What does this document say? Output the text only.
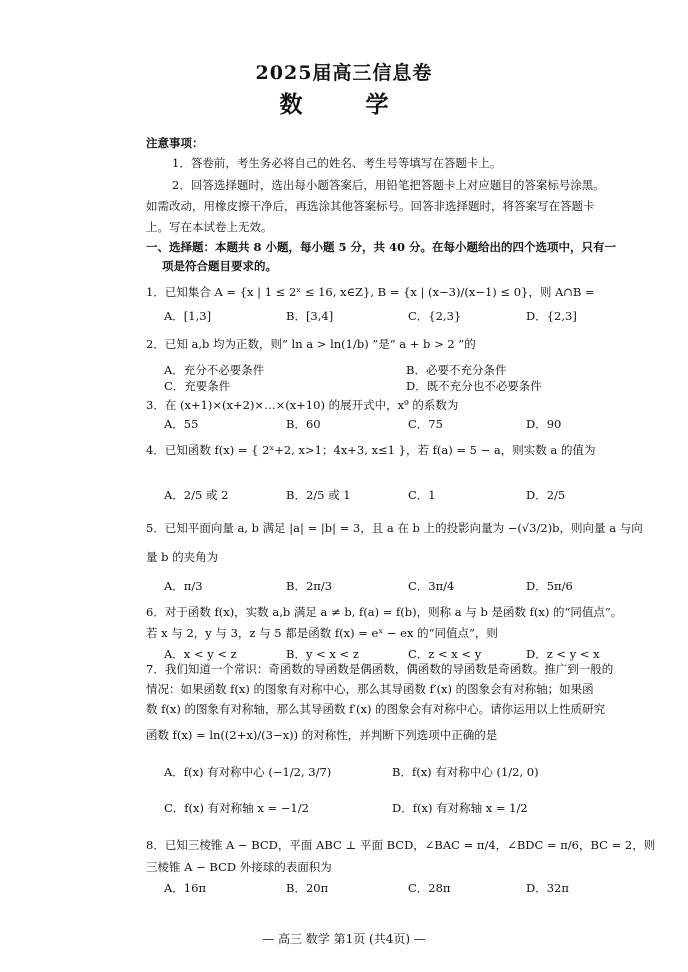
2025届高三信息卷
数　学
注意事项：
1．答卷前，考生务必将自己的姓名、考生号等填写在答题卡上。
2．回答选择题时，选出每小题答案后，用铅笔把答题卡上对应题目的答案标号涂黑。
如需改动，用橡皮擦干净后，再选涂其他答案标号。回答非选择题时，将答案写在答题卡
上。写在本试卷上无效。
一、选择题：本题共 8 小题，每小题 5 分，共 40 分。在每小题给出的四个选项中，只有一
项是符合题目要求的。
1．已知集合 A = {x | 1 ≤ 2ˣ ≤ 16, x∈Z}, B = {x | (x−3)/(x−1) ≤ 0}，则 A∩B =
A．[1,3]	B．[3,4]	C．{2,3}	D．{2,3]
2．已知 a,b 均为正数，则“ ln a > ln(1/b) ”是“ a + b > 2 ”的
A．充分不必要条件	B．必要不充分条件
C．充要条件	D．既不充分也不必要条件
3．在 (x+1)×(x+2)×…×(x+10) 的展开式中，x⁹ 的系数为
A．55	B．60	C．75	D．90
4．已知函数 f(x) = { 2ˣ+2, x>1；4x+3, x≤1 }，若 f(a) = 5 − a，则实数 a 的值为
A．2/5 或 2	B．2/5 或 1	C．1	D．2/5
5．已知平面向量 a, b 满足 |a| = |b| = 3，且 a 在 b 上的投影向量为 −(√3/2)b，则向量 a 与向
量 b 的夹角为
A．π/3	B．2π/3	C．3π/4	D．5π/6
6．对于函数 f(x)，实数 a,b 满足 a ≠ b, f(a) = f(b)，则称 a 与 b 是函数 f(x) 的“同值点”。
若 x 与 2，y 与 3，z 与 5 都是函数 f(x) = eˣ − ex 的“同值点”，则
A．x < y < z	B．y < x < z	C．z < x < y	D．z < y < x
7．我们知道一个常识：奇函数的导函数是偶函数，偶函数的导函数是奇函数。推广到一般的
情况：如果函数 f(x) 的图象有对称中心，那么其导函数 f′(x) 的图象会有对称轴；如果函
数 f(x) 的图象有对称轴，那么其导函数 f′(x) 的图象会有对称中心。请你运用以上性质研究
函数 f(x) = ln((2+x)/(3−x)) 的对称性，并判断下列选项中正确的是
A．f(x) 有对称中心 (−1/2, 3/7)	B．f(x) 有对称中心 (1/2, 0)
C．f(x) 有对称轴 x = −1/2	D．f(x) 有对称轴 x = 1/2
8．已知三棱锥 A − BCD，平面 ABC ⊥ 平面 BCD，∠BAC = π/4，∠BDC = π/6，BC = 2，则
三棱锥 A − BCD 外接球的表面积为
A．16π	B．20π	C．28π	D．32π
— 高三 数学 第1页 (共4页) —
